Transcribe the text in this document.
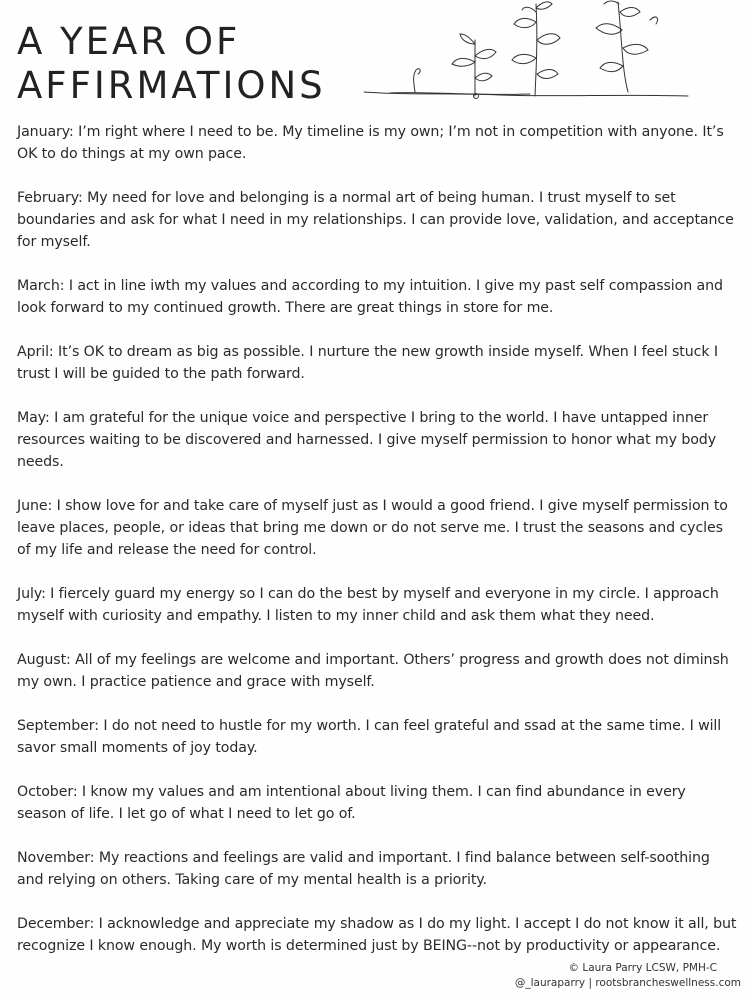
A YEAR OF
AFFIRMATIONS

January: I’m right where I need to be. My timeline is my own; I’m not in competition with anyone. It’s OK to do things at my own pace.

February: My need for love and belonging is a normal art of being human. I trust myself to set boundaries and ask for what I need in my relationships. I can provide love, validation, and acceptance for myself.

March: I act in line iwth my values and according to my intuition. I give my past self compassion and look forward to my continued growth. There are great things in store for me.

April: It’s OK to dream as big as possible. I nurture the new growth inside myself. When I feel stuck I trust I will be guided to the path forward.

May: I am grateful for the unique voice and perspective I bring to the world. I have untapped inner resources waiting to be discovered and harnessed. I give myself permission to honor what my body needs.

June: I show love for and take care of myself just as I would a good friend. I give myself permission to leave places, people, or ideas that bring me down or do not serve me. I trust the seasons and cycles of my life and release the need for control.

July: I fiercely guard my energy so I can do the best by myself and everyone in my circle. I approach myself with curiosity and empathy. I listen to my inner child and ask them what they need.

August: All of my feelings are welcome and important. Others’ progress and growth does not diminsh my own. I practice patience and grace with myself.

September: I do not need to hustle for my worth. I can feel grateful and ssad at the same time. I will savor small moments of joy today.

October: I know my values and am intentional about living them. I can find abundance in every season of life. I let go of what I need to let go of.

November: My reactions and feelings are valid and important. I find balance between self-soothing and relying on others. Taking care of my mental health is a priority.

December: I acknowledge and appreciate my shadow as I do my light. I accept I do not know it all, but recognize I know enough. My worth is determined just by BEING--not by productivity or appearance.

© Laura Parry LCSW, PMH-C
@_lauraparry | rootsbrancheswellness.com
